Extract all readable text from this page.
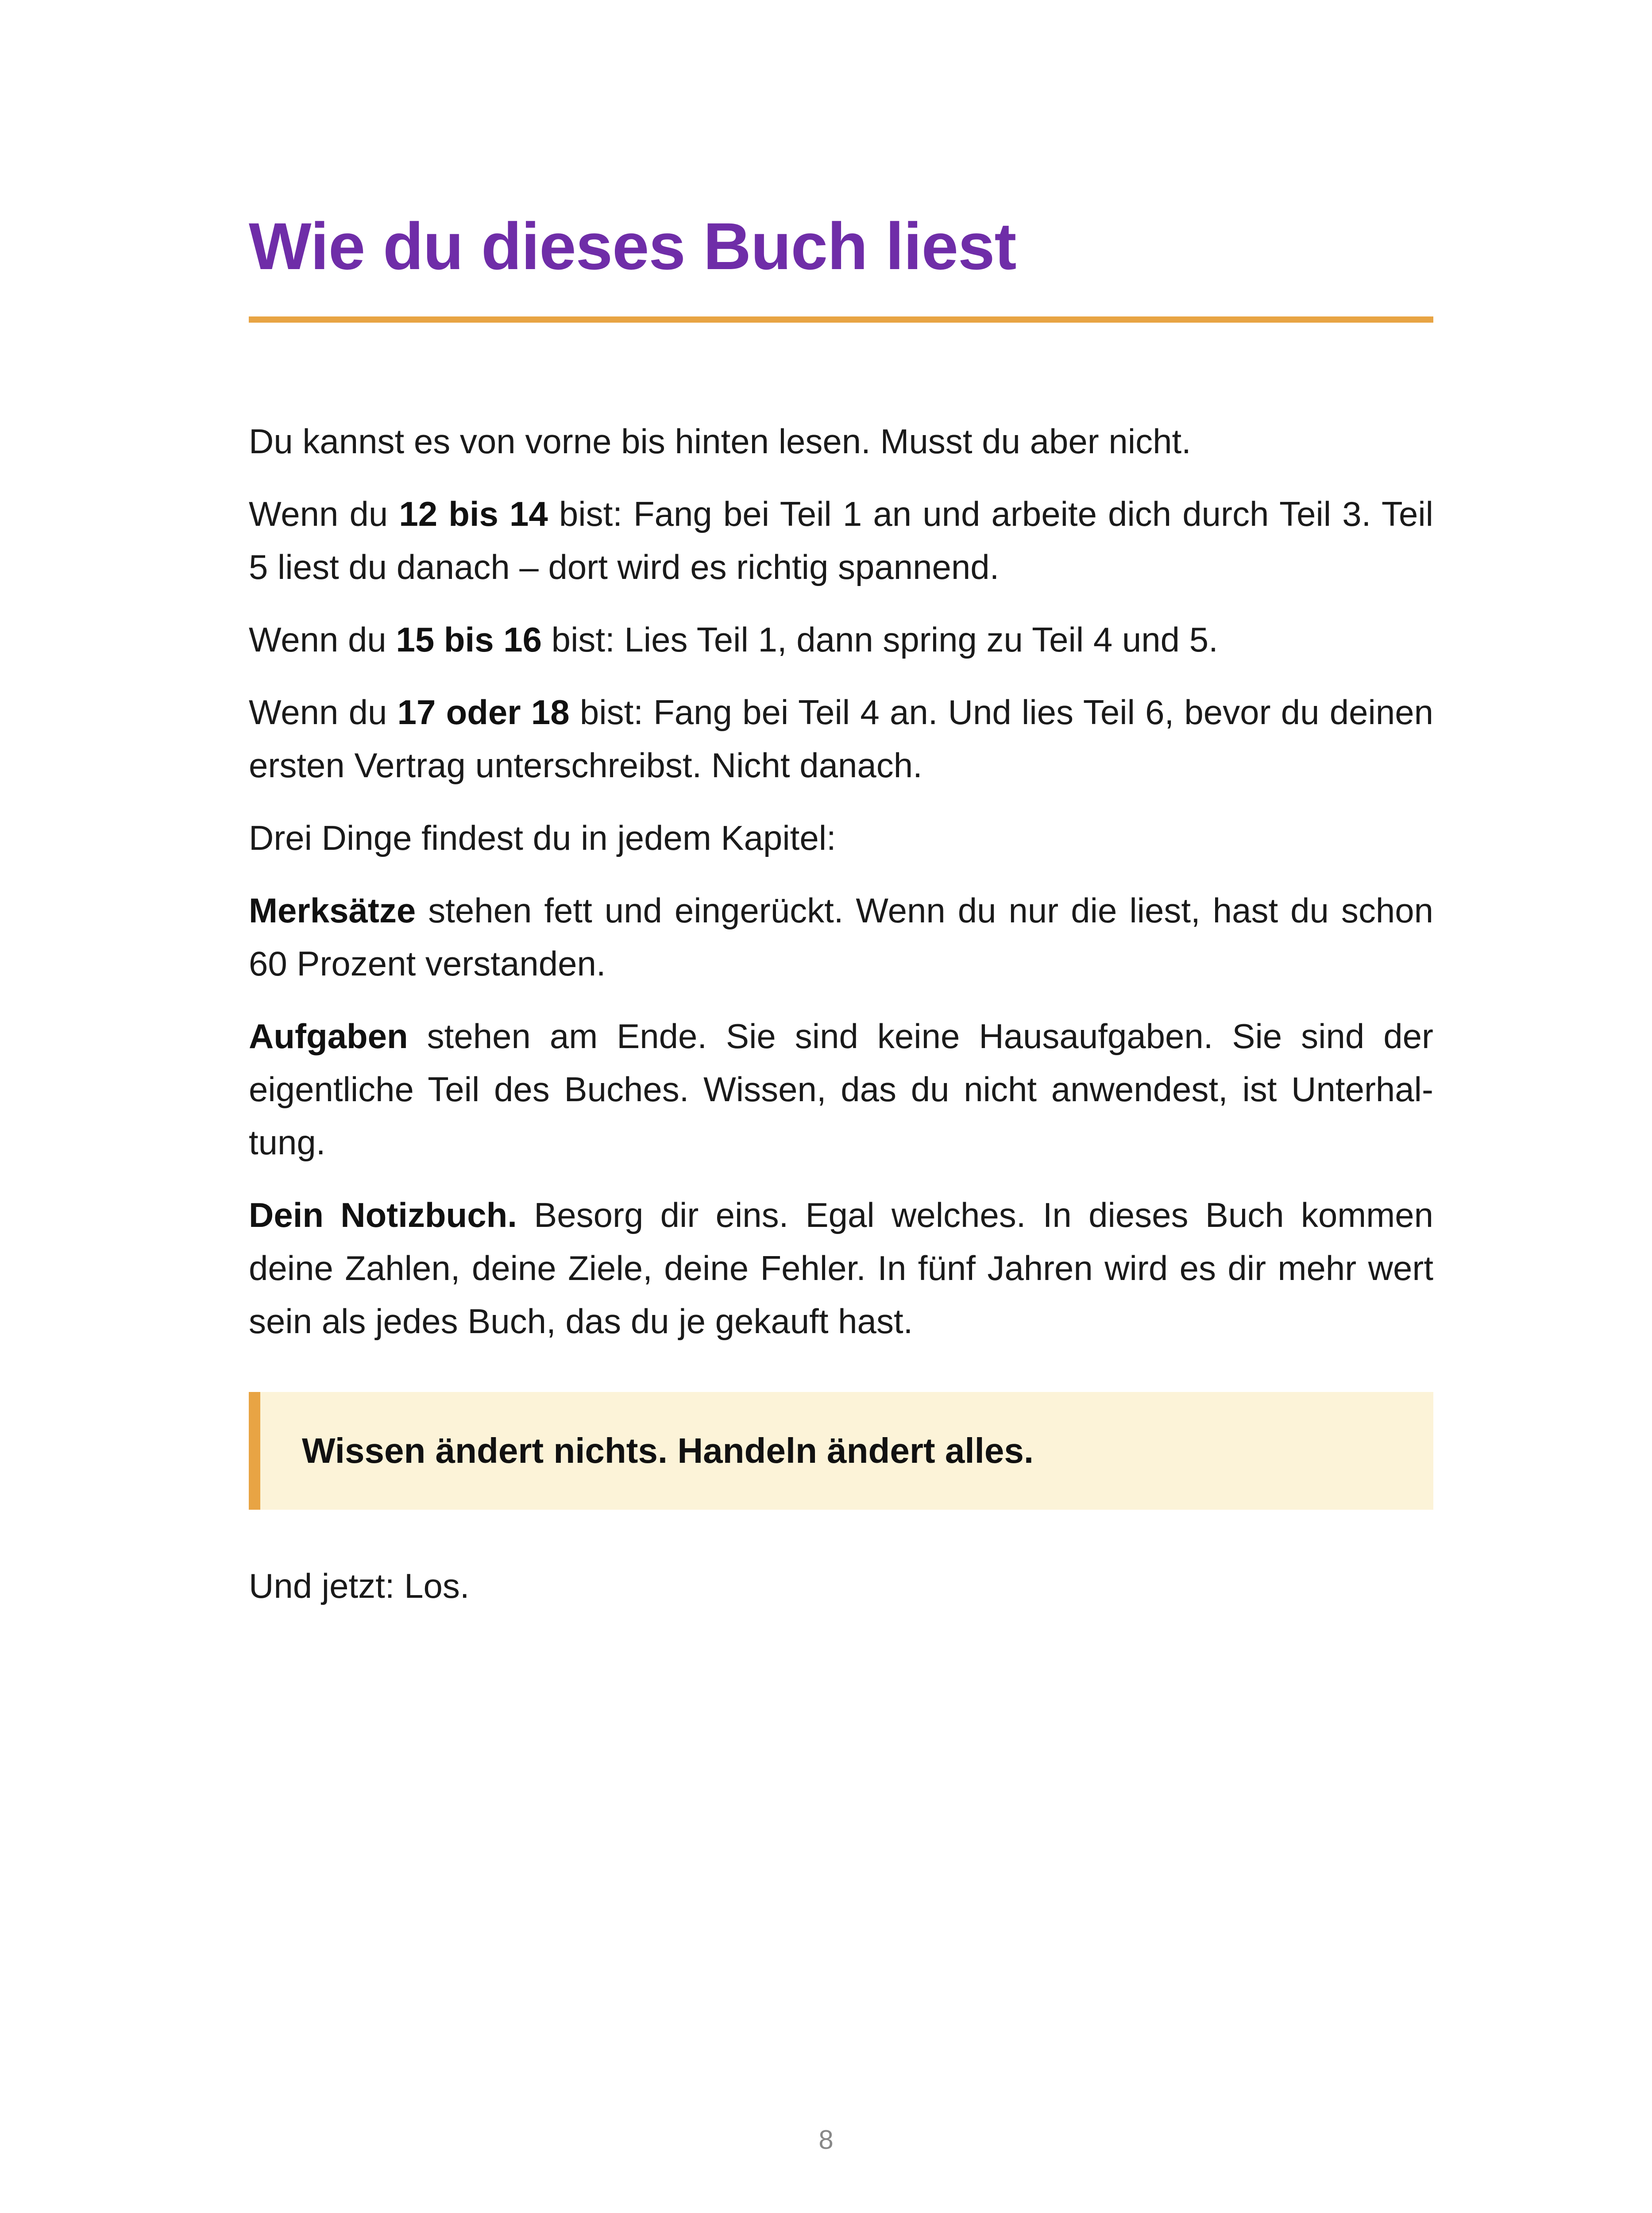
Wie du dieses Buch liest

Du kannst es von vorne bis hinten lesen. Musst du aber nicht.

Wenn du 12 bis 14 bist: Fang bei Teil 1 an und arbeite dich durch Teil 3. Teil 5 liest du danach – dort wird es richtig spannend.

Wenn du 15 bis 16 bist: Lies Teil 1, dann spring zu Teil 4 und 5.

Wenn du 17 oder 18 bist: Fang bei Teil 4 an. Und lies Teil 6, bevor du deinen ersten Vertrag unterschreibst. Nicht danach.

Drei Dinge findest du in jedem Kapitel:

Merksätze stehen fett und eingerückt. Wenn du nur die liest, hast du schon 60 Prozent verstanden.

Aufgaben stehen am Ende. Sie sind keine Hausaufgaben. Sie sind der eigentliche Teil des Buches. Wissen, das du nicht anwendest, ist Unterhaltung.

Dein Notizbuch. Besorg dir eins. Egal welches. In dieses Buch kommen deine Zahlen, deine Ziele, deine Fehler. In fünf Jahren wird es dir mehr wert sein als jedes Buch, das du je gekauft hast.

Wissen ändert nichts. Handeln ändert alles.

Und jetzt: Los.

8
